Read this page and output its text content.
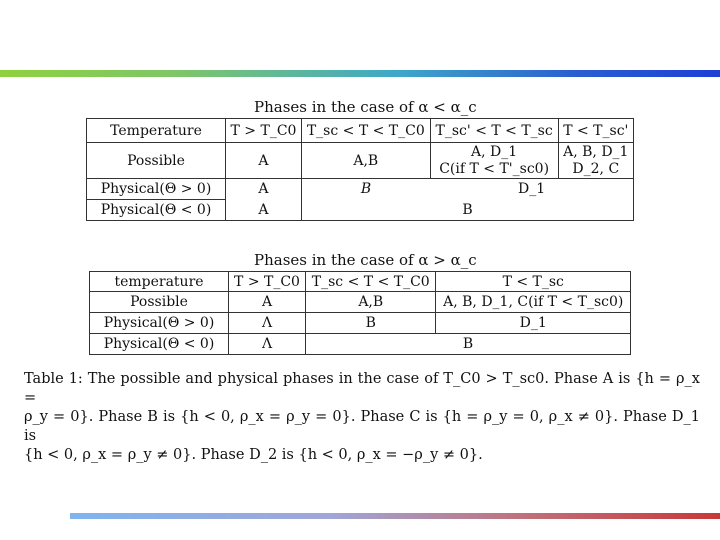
Phases in the case of α < α_c
Temperature	T > T_C0	T_sc < T < T_C0	T_sc' < T < T_sc	T < T_sc'
Possible	A	A,B	A, D_1	A, B, D_1
			C(if T < T'_sc0)	D_2, C
Physical(Θ > 0)	A	B	D_1	
Physical(Θ < 0)	A	B		
Phases in the case of α > α_c
temperature	T > T_C0	T_sc < T < T_C0	T < T_sc
Possible	A	A,B	A, B, D_1, C(if T < T_sc0)
Physical(Θ > 0)	Λ	B	D_1
Physical(Θ < 0)	Λ	B	
Table 1: The possible and physical phases in the case of T_C0 > T_sc0. Phase A is {h = ρ_x =
ρ_y = 0}. Phase B is {h < 0, ρ_x = ρ_y = 0}. Phase C is {h = ρ_y = 0, ρ_x ≠ 0}. Phase D_1 is
{h < 0, ρ_x = ρ_y ≠ 0}. Phase D_2 is {h < 0, ρ_x = −ρ_y ≠ 0}.
